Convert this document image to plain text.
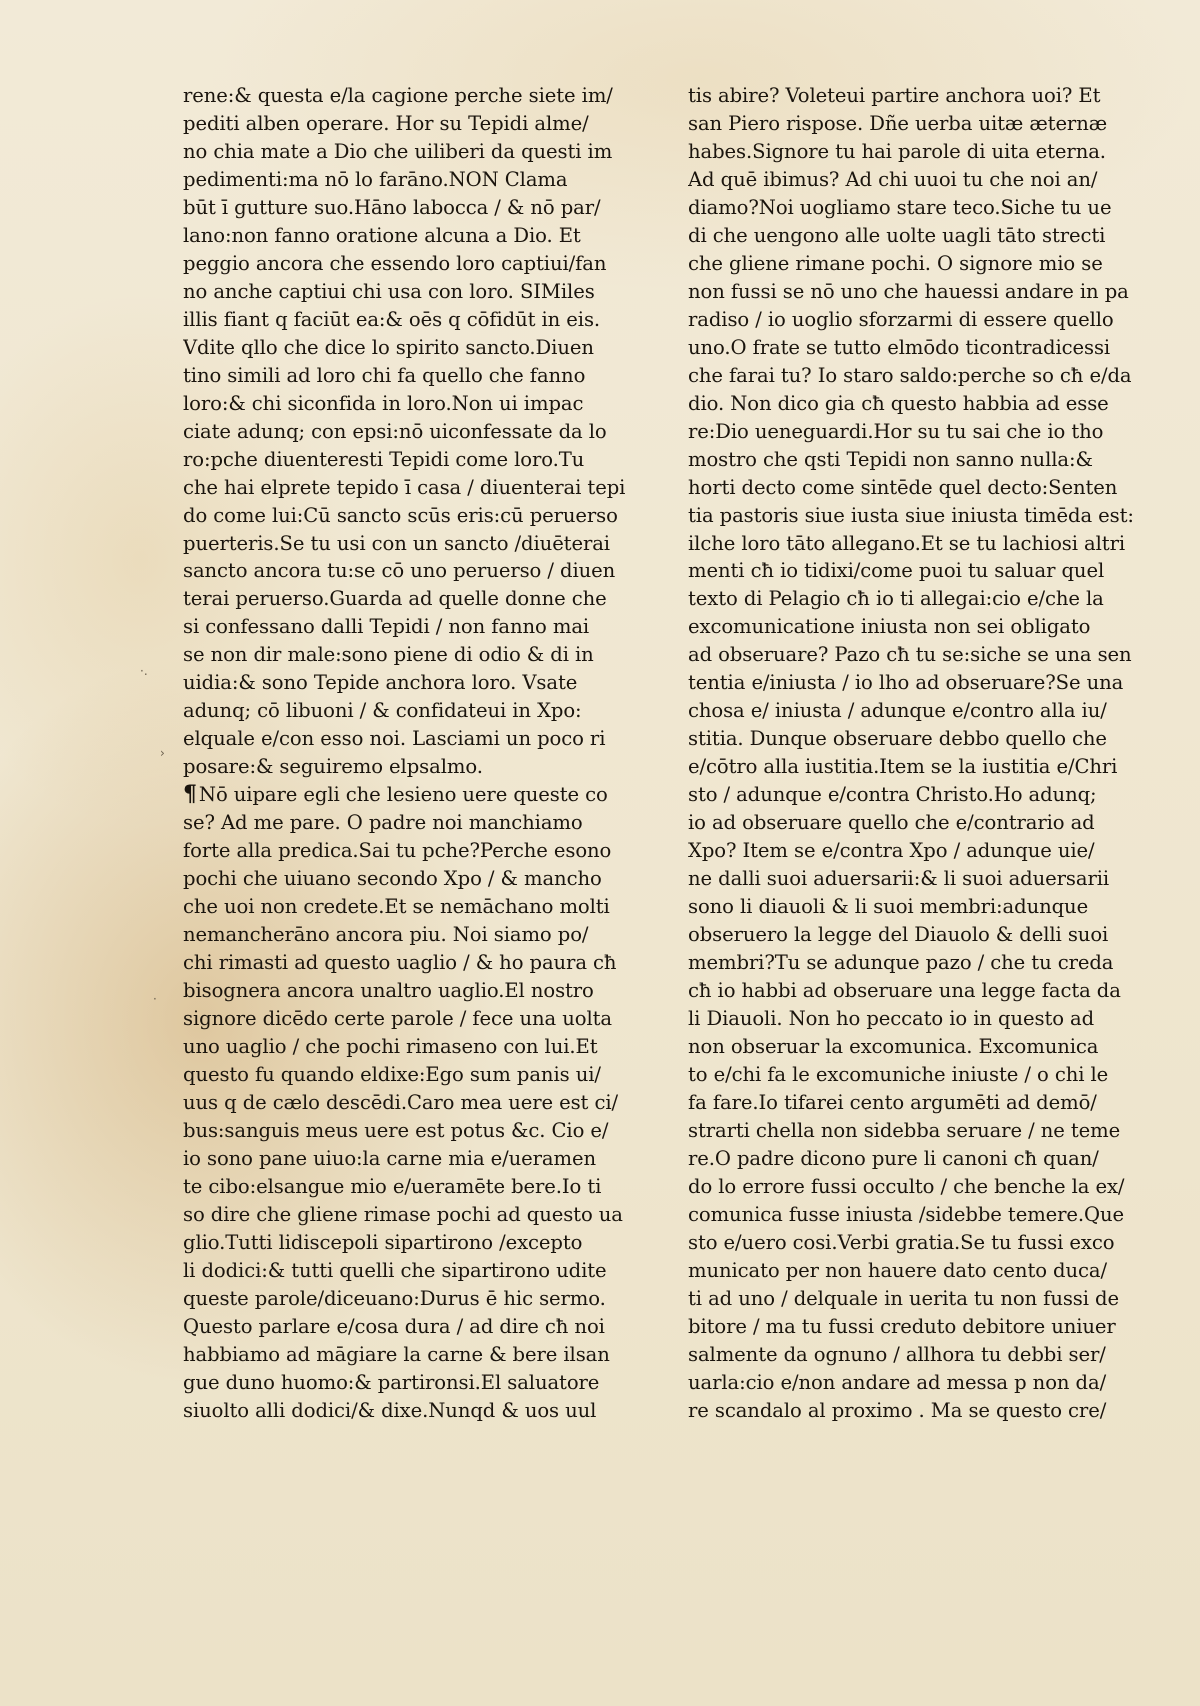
·.
›
·
rene:& questa e/la cagione perche siete im/
pediti alben operare. Hor su Tepidi alme/
no chia mate a Dio che uiliberi da questi im
pedimenti:ma nō lo farāno.NON Clama
būt ī gutture suo.Hāno labocca / & nō par/
lano:non fanno oratione alcuna a Dio. Et
peggio ancora che essendo loro captiui/fan
no anche captiui chi usa con loro. SIMiles
illis fiant q faciūt ea:& oēs q cōfidūt in eis.
Vdite qllo che dice lo spirito sancto.Diuen
tino simili ad loro chi fa quello che fanno
loro:& chi siconfida in loro.Non ui impac
ciate adunq; con epsi:nō uiconfessate da lo
ro:pche diuenteresti Tepidi come loro.Tu
che hai elprete tepido ī casa / diuenterai tepi
do come lui:Cū sancto scūs eris:cū peruerso
puerteris.Se tu usi con un sancto /diuēterai
sancto ancora tu:se cō uno peruerso / diuen
terai peruerso.Guarda ad quelle donne che
si confessano dalli Tepidi / non fanno mai
se non dir male:sono piene di odio & di in
uidia:& sono Tepide anchora loro. Vsate
adunq; cō libuoni / & confidateui in Xpo:
elquale e/con esso noi. Lasciami un poco ri
posare:& seguiremo elpsalmo.
¶ Nō uipare egli che lesieno uere queste co
se? Ad me pare. O padre noi manchiamo
forte alla predica.Sai tu pche?Perche esono
pochi che uiuano secondo Xpo / & mancho
che uoi non credete.Et se nemāchano molti
nemancherāno ancora piu. Noi siamo po/
chi rimasti ad questo uaglio / & ho paura cħ
bisognera ancora unaltro uaglio.El nostro
signore dicēdo certe parole / fece una uolta
uno uaglio / che pochi rimaseno con lui.Et
questo fu quando eldixe:Ego sum panis ui/
uus q de cælo descēdi.Caro mea uere est ci/
bus:sanguis meus uere est potus &c. Cio e/
io sono pane uiuo:la carne mia e/ueramen
te cibo:elsangue mio e/ueramēte bere.Io ti
so dire che gliene rimase pochi ad questo ua
glio.Tutti lidiscepoli sipartirono /excepto
li dodici:& tutti quelli che sipartirono udite
queste parole/diceuano:Durus ē hic sermo.
Questo parlare e/cosa dura / ad dire cħ noi
habbiamo ad māgiare la carne & bere ilsan
gue duno huomo:& partironsi.El saluatore
siuolto alli dodici/& dixe.Nunqd & uos uul
tis abire? Voleteui partire anchora uoi? Et
san Piero rispose. Dñe uerba uitæ æternæ
habes.Signore tu hai parole di uita eterna.
Ad quē ibimus? Ad chi uuoi tu che noi an/
diamo?Noi uogliamo stare teco.Siche tu ue
di che uengono alle uolte uagli tāto strecti
che gliene rimane pochi. O signore mio se
non fussi se nō uno che hauessi andare in pa
radiso / io uoglio sforzarmi di essere quello
uno.O frate se tutto elmōdo ticontradicessi
che farai tu? Io staro saldo:perche so cħ e/da
dio. Non dico gia cħ questo habbia ad esse
re:Dio ueneguardi.Hor su tu sai che io tho
mostro che qsti Tepidi non sanno nulla:&
horti decto come sintēde quel decto:Senten
tia pastoris siue iusta siue iniusta timēda est:
ilche loro tāto allegano.Et se tu lachiosi altri
menti cħ io tidixi/come puoi tu saluar quel
texto di Pelagio cħ io ti allegai:cio e/che la
excomunicatione iniusta non sei obligato
ad obseruare? Pazo cħ tu se:siche se una sen
tentia e/iniusta / io lho ad obseruare?Se una
chosa e/ iniusta / adunque e/contro alla iu/
stitia. Dunque obseruare debbo quello che
e/cōtro alla iustitia.Item se la iustitia e/Chri
sto / adunque e/contra Christo.Ho adunq;
io ad obseruare quello che e/contrario ad
Xpo? Item se e/contra Xpo / adunque uie/
ne dalli suoi aduersarii:& li suoi aduersarii
sono li diauoli & li suoi membri:adunque
obseruero la legge del Diauolo & delli suoi
membri?Tu se adunque pazo / che tu creda
cħ io habbi ad obseruare una legge facta da
li Diauoli. Non ho peccato io in questo ad
non obseruar la excomunica. Excomunica
to e/chi fa le excomuniche iniuste / o chi le
fa fare.Io tifarei cento argumēti ad demō/
strarti chella non sidebba seruare / ne teme
re.O padre dicono pure li canoni cħ quan/
do lo errore fussi occulto / che benche la ex/
comunica fusse iniusta /sidebbe temere.Que
sto e/uero cosi.Verbi gratia.Se tu fussi exco
municato per non hauere dato cento duca/
ti ad uno / delquale in uerita tu non fussi de
bitore / ma tu fussi creduto debitore uniuer
salmente da ognuno / allhora tu debbi ser/
uarla:cio e/non andare ad messa p non da/
re scandalo al proximo . Ma se questo cre/
